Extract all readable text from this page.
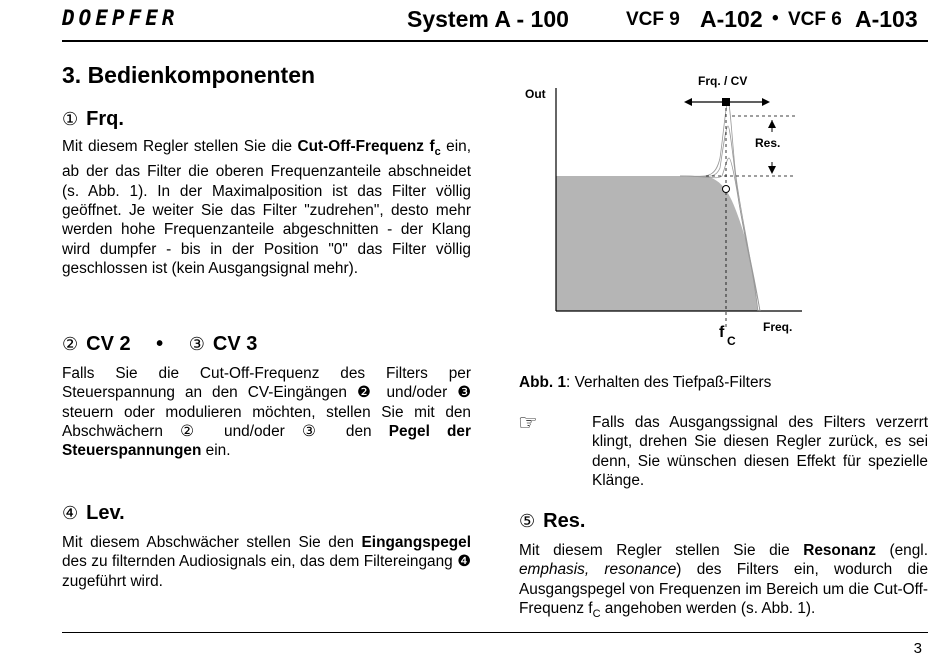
DOEPFER	System A - 100	VCF 9 A-102 • VCF 6 A-103
3. Bedienkomponenten
① Frq.
Mit diesem Regler stellen Sie die Cut-Off-Frequenz $f_c$ ein, ab der das Filter die oberen Frequenzanteile abschneidet (s. Abb. 1). In der Maximalposition ist das Filter völlig geöffnet. Je weiter Sie das Filter "zudrehen", desto mehr werden hohe Frequenzanteile abgeschnitten - der Klang wird dumpfer - bis in der Position "0" das Filter völlig geschlossen ist (kein Ausgangsignal mehr).
② CV 2 • ③ CV 3
Falls Sie die Cut-Off-Frequenz des Filters per Steuerspannung an den CV-Eingängen ❷ und/oder ❸ steuern oder modulieren möchten, stellen Sie mit den Abschwächern ② und/oder ③ den Pegel der Steuerspannungen ein.
④ Lev.
Mit diesem Abschwächer stellen Sie den Eingangspegel des zu filternden Audiosignals ein, das dem Filtereingang ❹ zugeführt wird.
Out
Frq. / CV
Res.
Freq.
f C
Abb. 1: Verhalten des Tiefpaß-Filters
☞	Falls das Ausgangssignal des Filters verzerrt klingt, drehen Sie diesen Regler zurück, es sei denn, Sie wünschen diesen Effekt für spezielle Klänge.
⑤ Res.
Mit diesem Regler stellen Sie die Resonanz (engl. emphasis, resonance) des Filters ein, wodurch die Ausgangspegel von Frequenzen im Bereich um die Cut-Off-Frequenz $f_C$ angehoben werden (s. Abb. 1).
3
